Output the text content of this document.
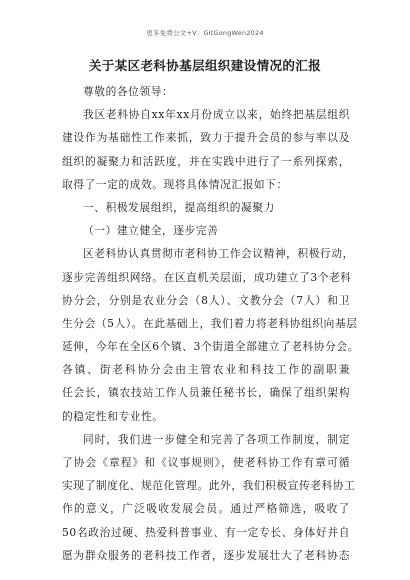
更多免费公文+V：GitGongWen2024
关于某区老科协基层组织建设情况的汇报
尊敬的各位领导：
我区老科协自xx年xx月份成立以来，始终把基层组织
建设作为基础性工作来抓，致力于提升会员的参与率以及
组织的凝聚力和活跃度，并在实践中进行了一系列探索，
取得了一定的成效。现将具体情况汇报如下：
一、积极发展组织，提高组织的凝聚力
（一）建立健全，逐步完善
区老科协认真贯彻市老科协工作会议精神，积极行动，
逐步完善组织网络。在区直机关层面，成功建立了3个老科
协分会，分别是农业分会（8人）、文教分会（7人）和卫
生分会（5人）。在此基础上，我们着力将老科协组织向基层
延伸，今年在全区6个镇、3个街道全部建立了老科协分会。
各镇、街老科协分会由主管农业和科技工作的副职兼
任会长，镇农技站工作人员兼任秘书长，确保了组织架构
的稳定性和专业性。
同时，我们进一步健全和完善了各项工作制度，制定
了协会《章程》和《议事规则》，使老科协工作有章可循
实现了制度化、规范化管理。此外，我们积极宣传老科协工
作的意义，广泛吸收发展会员。通过严格筛选，吸收了
50名政治过硬、热爱科普事业、有一定专长、身体好并自
愿为群众服务的老科技工作者，逐步发展壮大了老科协态
